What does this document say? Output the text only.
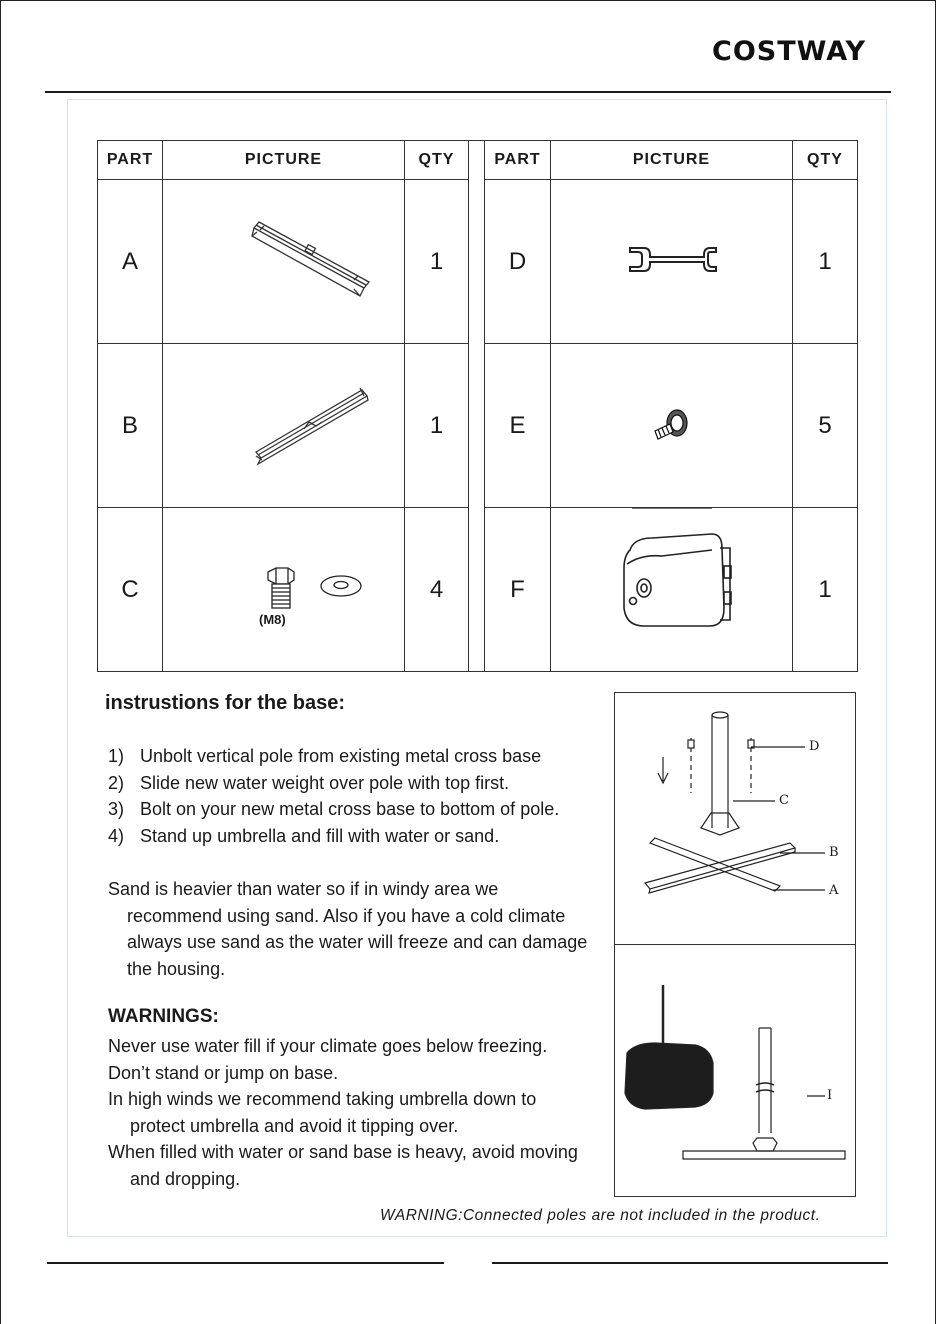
COSTWAY
PART	PICTURE	QTY		PART	PICTURE	QTY
A		1		D		1
B		1		E		5
C	(M8)	4		F		1
instrustions for the base:
1) Unbolt vertical pole from existing metal cross base
2) Slide new water weight over pole with top first.
3) Bolt on your new metal cross base to bottom of pole.
4) Stand up umbrella and fill with water or sand.
Sand is heavier than water so if in windy area we
recommend using sand. Also if you have a cold climate
always use sand as the water will freeze and can damage
the housing.
WARNINGS:
Never use water fill if your climate goes below freezing.
Don’t stand or jump on base.
In high winds we recommend taking umbrella down to
protect umbrella and avoid it tipping over.
When filled with water or sand base is heavy, avoid moving
and dropping.
D
C
B
A
I
WARNING:Connected poles are not included in the product.
